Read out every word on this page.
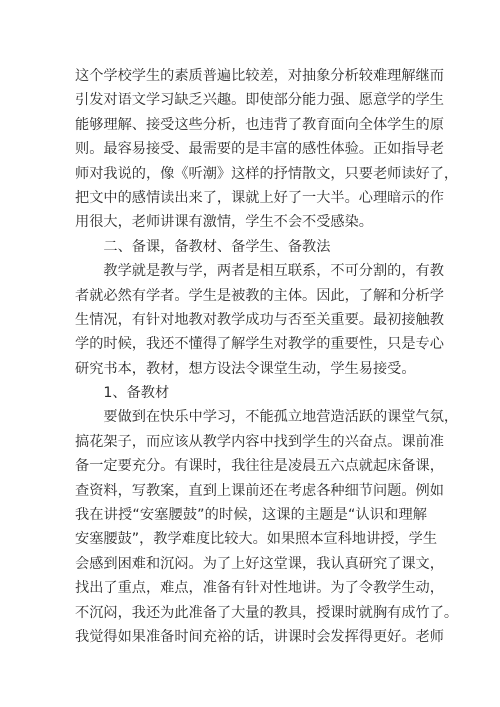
这个学校学生的素质普遍比较差，对抽象分析较难理解继而
引发对语文学习缺乏兴趣。即使部分能力强、愿意学的学生
能够理解、接受这些分析，也违背了教育面向全体学生的原
则。最容易接受、最需要的是丰富的感性体验。正如指导老
师对我说的，像《听潮》这样的抒情散文，只要老师读好了，
把文中的感情读出来了，课就上好了一大半。心理暗示的作
用很大，老师讲课有激情，学生不会不受感染。
　　二、备课，备教材、备学生、备教法
　　教学就是教与学，两者是相互联系，不可分割的，有教
者就必然有学者。学生是被教的主体。因此，了解和分析学
生情况，有针对地教对教学成功与否至关重要。最初接触教
学的时候，我还不懂得了解学生对教学的重要性，只是专心
研究书本，教材，想方设法令课堂生动，学生易接受。
　　1、备教材
　　要做到在快乐中学习，不能孤立地营造活跃的课堂气氛，
搞花架子，而应该从教学内容中找到学生的兴奋点。课前准
备一定要充分。有课时，我往往是凌晨五六点就起床备课，
查资料，写教案，直到上课前还在考虑各种细节问题。例如
我在讲授“安塞腰鼓”的时候，这课的主题是“认识和理解
安塞腰鼓”，教学难度比较大。如果照本宣科地讲授，学生
会感到困难和沉闷。为了上好这堂课，我认真研究了课文，
找出了重点，难点，准备有针对性地讲。为了令教学生动，
不沉闷，我还为此准备了大量的教具，授课时就胸有成竹了。
我觉得如果准备时间充裕的话，讲课时会发挥得更好。老师
